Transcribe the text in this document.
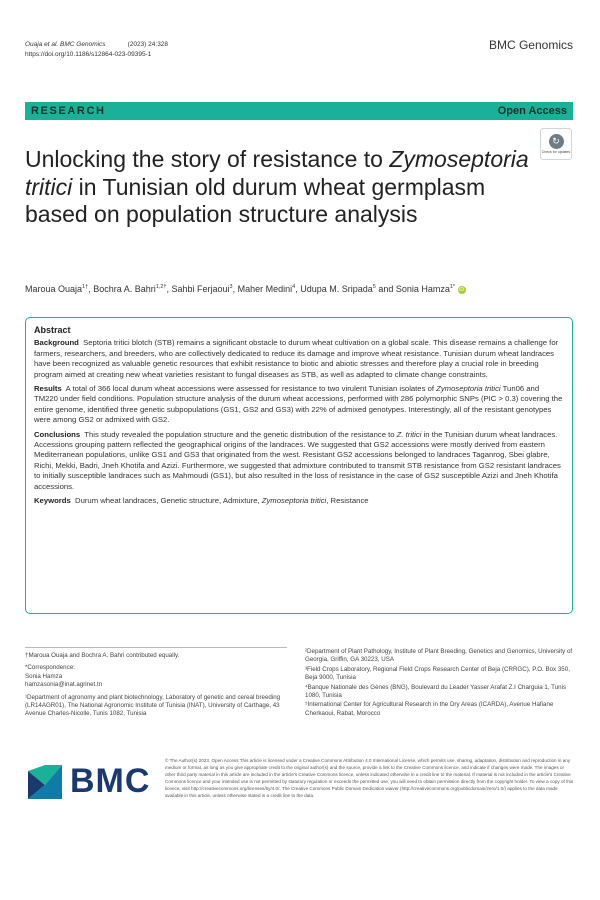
Ouaja et al. BMC Genomics	(2023) 24:328
https://doi.org/10.1186/s12864-023-09395-1
BMC Genomics
RESEARCH	Open Access
↻
Check for updates
Unlocking the story of resistance to Zymoseptoria tritici in Tunisian old durum wheat germplasm based on population structure analysis
Maroua Ouaja$^{1\dagger}$, Bochra A. Bahri$^{1,2\dagger}$, Sahbi Ferjaoui$^3$, Maher Medini$^4$, Udupa M. Sripada$^5$ and Sonia Hamza$^{1*}$ iD
Abstract

Background Septoria tritici blotch (STB) remains a significant obstacle to durum wheat cultivation on a global scale. This disease remains a challenge for farmers, researchers, and breeders, who are collectively dedicated to reduce its damage and improve wheat resistance. Tunisian durum wheat landraces have been recognized as valuable genetic resources that exhibit resistance to biotic and abiotic stresses and therefore play a crucial role in breeding program aimed at creating new wheat varieties resistant to fungal diseases as STB, as well as adapted to climate change constraints.

Results A total of 366 local durum wheat accessions were assessed for resistance to two virulent Tunisian isolates of Zymoseptoria tritici Tun06 and TM220 under field conditions. Population structure analysis of the durum wheat accessions, performed with 286 polymorphic SNPs (PIC > 0.3) covering the entire genome, identified three genetic subpopulations (GS1, GS2 and GS3) with 22% of admixed genotypes. Interestingly, all of the resistant genotypes were among GS2 or admixed with GS2.

Conclusions This study revealed the population structure and the genetic distribution of the resistance to Z. tritici in the Tunisian durum wheat landraces. Accessions grouping pattern reflected the geographical origins of the landraces. We suggested that GS2 accessions were mostly derived from eastern Mediterranean populations, unlike GS1 and GS3 that originated from the west. Resistant GS2 accessions belonged to landraces Taganrog, Sbei glabre, Richi, Mekki, Badri, Jneh Khotifa and Azizi. Furthermore, we suggested that admixture contributed to transmit STB resistance from GS2 resistant landraces to initially susceptible landraces such as Mahmoudi (GS1), but also resulted in the loss of resistance in the case of GS2 susceptible Azizi and Jneh Khotifa accessions.

Keywords Durum wheat landraces, Genetic structure, Admixture, Zymoseptoria tritici, Resistance

†Maroua Ouaja and Bochra A. Bahri contributed equally.
*Correspondence:
Sonia Hamza
hamzasonia@inat.agrinet.tn
¹Department of agronomy and plant biotechnology, Laboratory of genetic and cereal breeding (LR14AGR01), The National Agronomic Institute of Tunisia (INAT), University of Carthage, 43 Avenue Charles-Nicolle, Tunis 1082, Tunisia
²Department of Plant Pathology, Institute of Plant Breeding, Genetics and Genomics, University of Georgia, Griffin, GA 30223, USA
³Field Crops Laboratory, Regional Field Crops Research Center of Beja (CRRGC), P.O. Box 350, Beja 9000, Tunisia
⁴Banque Nationale des Gènes (BNG), Boulevard du Leader Yasser Arafat Z.I Charguia 1, Tunis 1080, Tunisia
⁵International Center for Agricultural Research in the Dry Areas (ICARDA), Avenue Hafiane Cherkaoui, Rabat, Morocco
BMC
© The Author(s) 2023. Open Access This article is licensed under a Creative Commons Attribution 4.0 International License, which permits use, sharing, adaptation, distribution and reproduction in any medium or format, as long as you give appropriate credit to the original author(s) and the source, provide a link to the Creative Commons licence, and indicate if changes were made. The images or other third party material in this article are included in the article's Creative Commons licence, unless indicated otherwise in a credit line to the material. If material is not included in the article's Creative Commons licence and your intended use is not permitted by statutory regulation or exceeds the permitted use, you will need to obtain permission directly from the copyright holder. To view a copy of this licence, visit http://creativecommons.org/licenses/by/4.0/. The Creative Commons Public Domain Dedication waiver (http://creativecommons.org/publicdomain/zero/1.0/) applies to the data made available in this article, unless otherwise stated in a credit line to the data.
